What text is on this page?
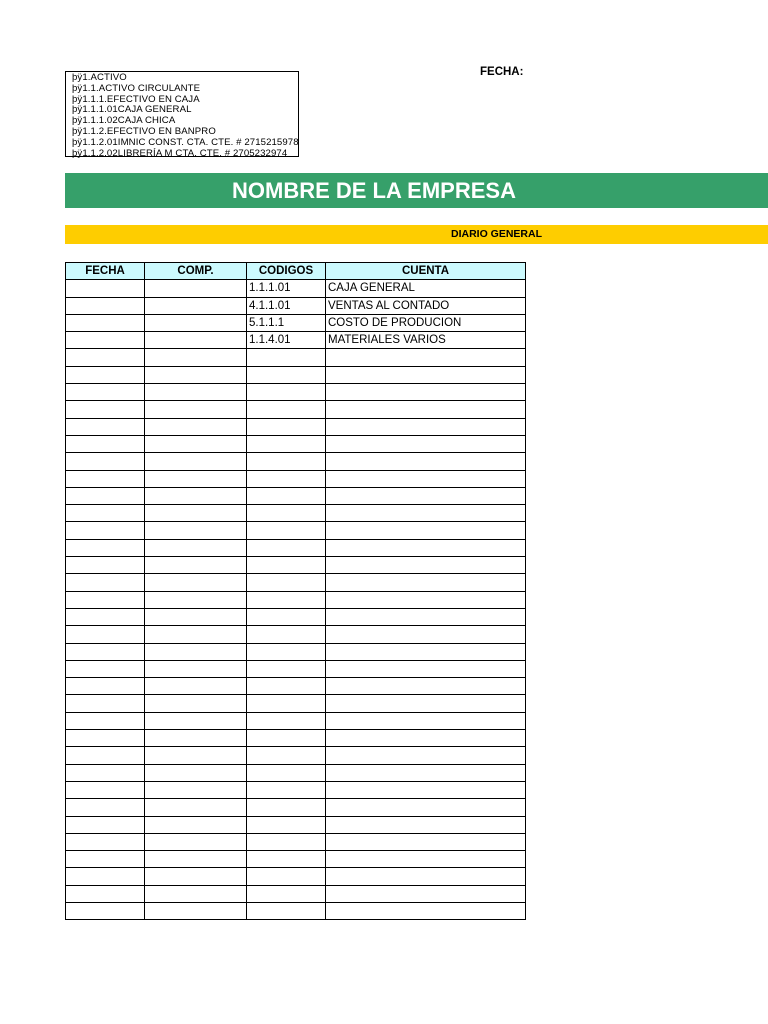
þÿ1.ACTIVO
þÿ1.1.ACTIVO CIRCULANTE
þÿ1.1.1.EFECTIVO EN CAJA
þÿ1.1.1.01CAJA GENERAL
þÿ1.1.1.02CAJA CHICA
þÿ1.1.2.EFECTIVO EN BANPRO
þÿ1.1.2.01IMNIC CONST. CTA. CTE. # 2715215978
þÿ1.1.2.02LIBRERÍA M CTA. CTE. # 2705232974
FECHA:
NOMBRE DE LA EMPRESA
DIARIO GENERAL
FECHA	COMP.	CODIGOS	CUENTA
		1.1.1.01	CAJA GENERAL
		4.1.1.01	VENTAS AL CONTADO
		5.1.1.1	COSTO DE PRODUCION
		1.1.4.01	MATERIALES VARIOS
